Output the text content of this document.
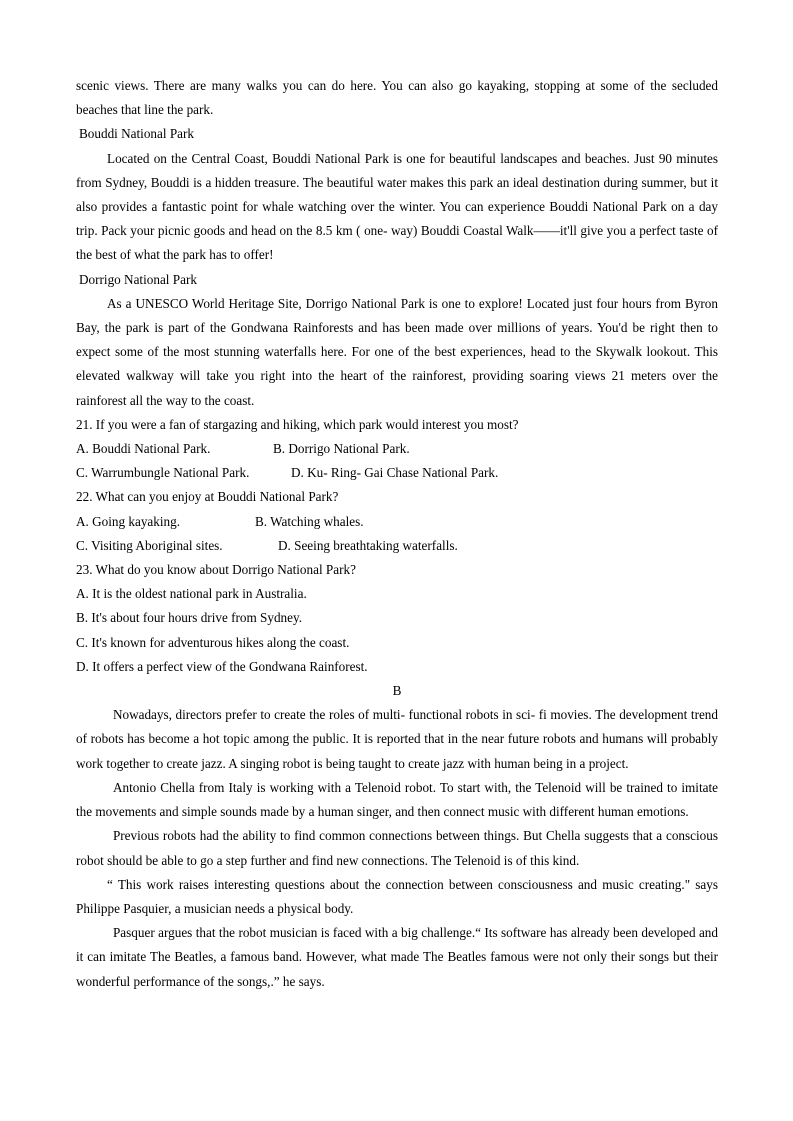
scenic views. There are many walks you can do here. You can also go kayaking, stopping at some of the secluded beaches that line the park.

Bouddi National Park

Located on the Central Coast, Bouddi National Park is one for beautiful landscapes and beaches. Just 90 minutes from Sydney, Bouddi is a hidden treasure. The beautiful water makes this park an ideal destination during summer, but it also provides a fantastic point for whale watching over the winter. You can experience Bouddi National Park on a day trip. Pack your picnic goods and head on the 8.5 km ( one- way) Bouddi Coastal Walk——it'll give you a perfect taste of the best of what the park has to offer!

Dorrigo National Park

As a UNESCO World Heritage Site, Dorrigo National Park is one to explore! Located just four hours from Byron Bay, the park is part of the Gondwana Rainforests and has been made over millions of years. You'd be right then to expect some of the most stunning waterfalls here. For one of the best experiences, head to the Skywalk lookout. This elevated walkway will take you right into the heart of the rainforest, providing soaring views 21 meters over the rainforest all the way to the coast.

21. If you were a fan of stargazing and hiking, which park would interest you most?

A. Bouddi National Park.	B. Dorrigo National Park.
C. Warrumbungle National Park.	D. Ku- Ring- Gai Chase National Park.

22. What can you enjoy at Bouddi National Park?

A. Going kayaking.	B. Watching whales.
C. Visiting Aboriginal sites.	D. Seeing breathtaking waterfalls.

23. What do you know about Dorrigo National Park?

A. It is the oldest national park in Australia.

B. It's about four hours drive from Sydney.

C. It's known for adventurous hikes along the coast.

D. It offers a perfect view of the Gondwana Rainforest.

B

Nowadays, directors prefer to create the roles of multi- functional robots in sci- fi movies. The development trend of robots has become a hot topic among the public. It is reported that in the near future robots and humans will probably work together to create jazz. A singing robot is being taught to create jazz with human being in a project.

Antonio Chella from Italy is working with a Telenoid robot. To start with, the Telenoid will be trained to imitate the movements and simple sounds made by a human singer, and then connect music with different human emotions.

Previous robots had the ability to find common connections between things. But Chella suggests that a conscious robot should be able to go a step further and find new connections. The Telenoid is of this kind.

“ This work raises interesting questions about the connection between consciousness and music creating." says Philippe Pasquier, a musician needs a physical body.

Pasquer argues that the robot musician is faced with a big challenge.“ Its software has already been developed and it can imitate The Beatles, a famous band. However, what made The Beatles famous were not only their songs but their wonderful performance of the songs,.” he says.
